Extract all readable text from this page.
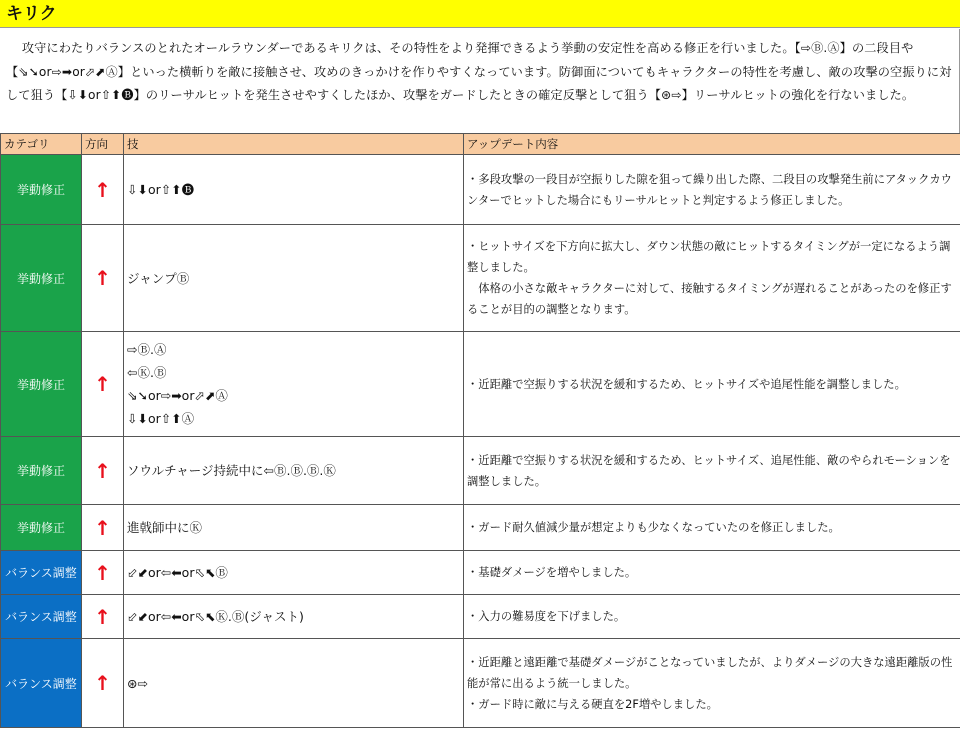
キリク

攻守にわたりバランスのとれたオールラウンダーであるキリクは、その特性をより発揮できるよう挙動の安定性を高める修正を行いました。【⇨Ⓑ.Ⓐ】の二段目や【⇘➘or⇨➡or⬀⬈Ⓐ】といった横斬りを敵に接触させ、攻めのきっかけを作りやすくなっています。防御面についてもキャラクターの特性を考慮し、敵の攻撃の空振りに対して狙う【⇩⬇or⇧⬆🅑】のリーサルヒットを発生させやすくしたほか、攻撃をガードしたときの確定反撃として狙う【⊛⇨】リーサルヒットの強化を行ないました。

カテゴリ	方向	技	アップデート内容
挙動修正	↑	⇩⬇or⇧⬆🅑	・多段攻撃の一段目が空振りした隙を狙って繰り出した際、二段目の攻撃発生前にアタックカウ
ンターでヒットした場合にもリーサルヒットと判定するよう修正しました。

挙動修正	↑	ジャンプⒷ	・ヒットサイズを下方向に拡大し、ダウン状態の敵にヒットするタイミングが一定になるよう調
整しました。
　体格の小さな敵キャラクターに対して、接触するタイミングが遅れることがあったのを修正す
ることが目的の調整となります。

挙動修正	↑	⇨Ⓑ.Ⓐ
⇦Ⓚ.Ⓑ
⇘➘or⇨➡or⬀⬈Ⓐ
⇩⬇or⇧⬆Ⓐ	・近距離で空振りする状況を緩和するため、ヒットサイズや追尾性能を調整しました。

挙動修正	↑	ソウルチャージ持続中に⇦Ⓑ.Ⓑ.Ⓑ.Ⓚ	・近距離で空振りする状況を緩和するため、ヒットサイズ、追尾性能、敵のやられモーションを
調整しました。

挙動修正	↑	進戟師中にⓀ	・ガード耐久値減少量が想定よりも少なくなっていたのを修正しました。

バランス調整	↑	⬃⬋or⇦⬅or⬁⬉Ⓑ	・基礎ダメージを増やしました。

バランス調整	↑	⬃⬋or⇦⬅or⬁⬉Ⓚ.Ⓑ(ジャスト)	・入力の難易度を下げました。

バランス調整	↑	⊛⇨	・近距離と遠距離で基礎ダメージがことなっていましたが、よりダメージの大きな遠距離版の性
能が常に出るよう統一しました。
・ガード時に敵に与える硬直を2F増やしました。
